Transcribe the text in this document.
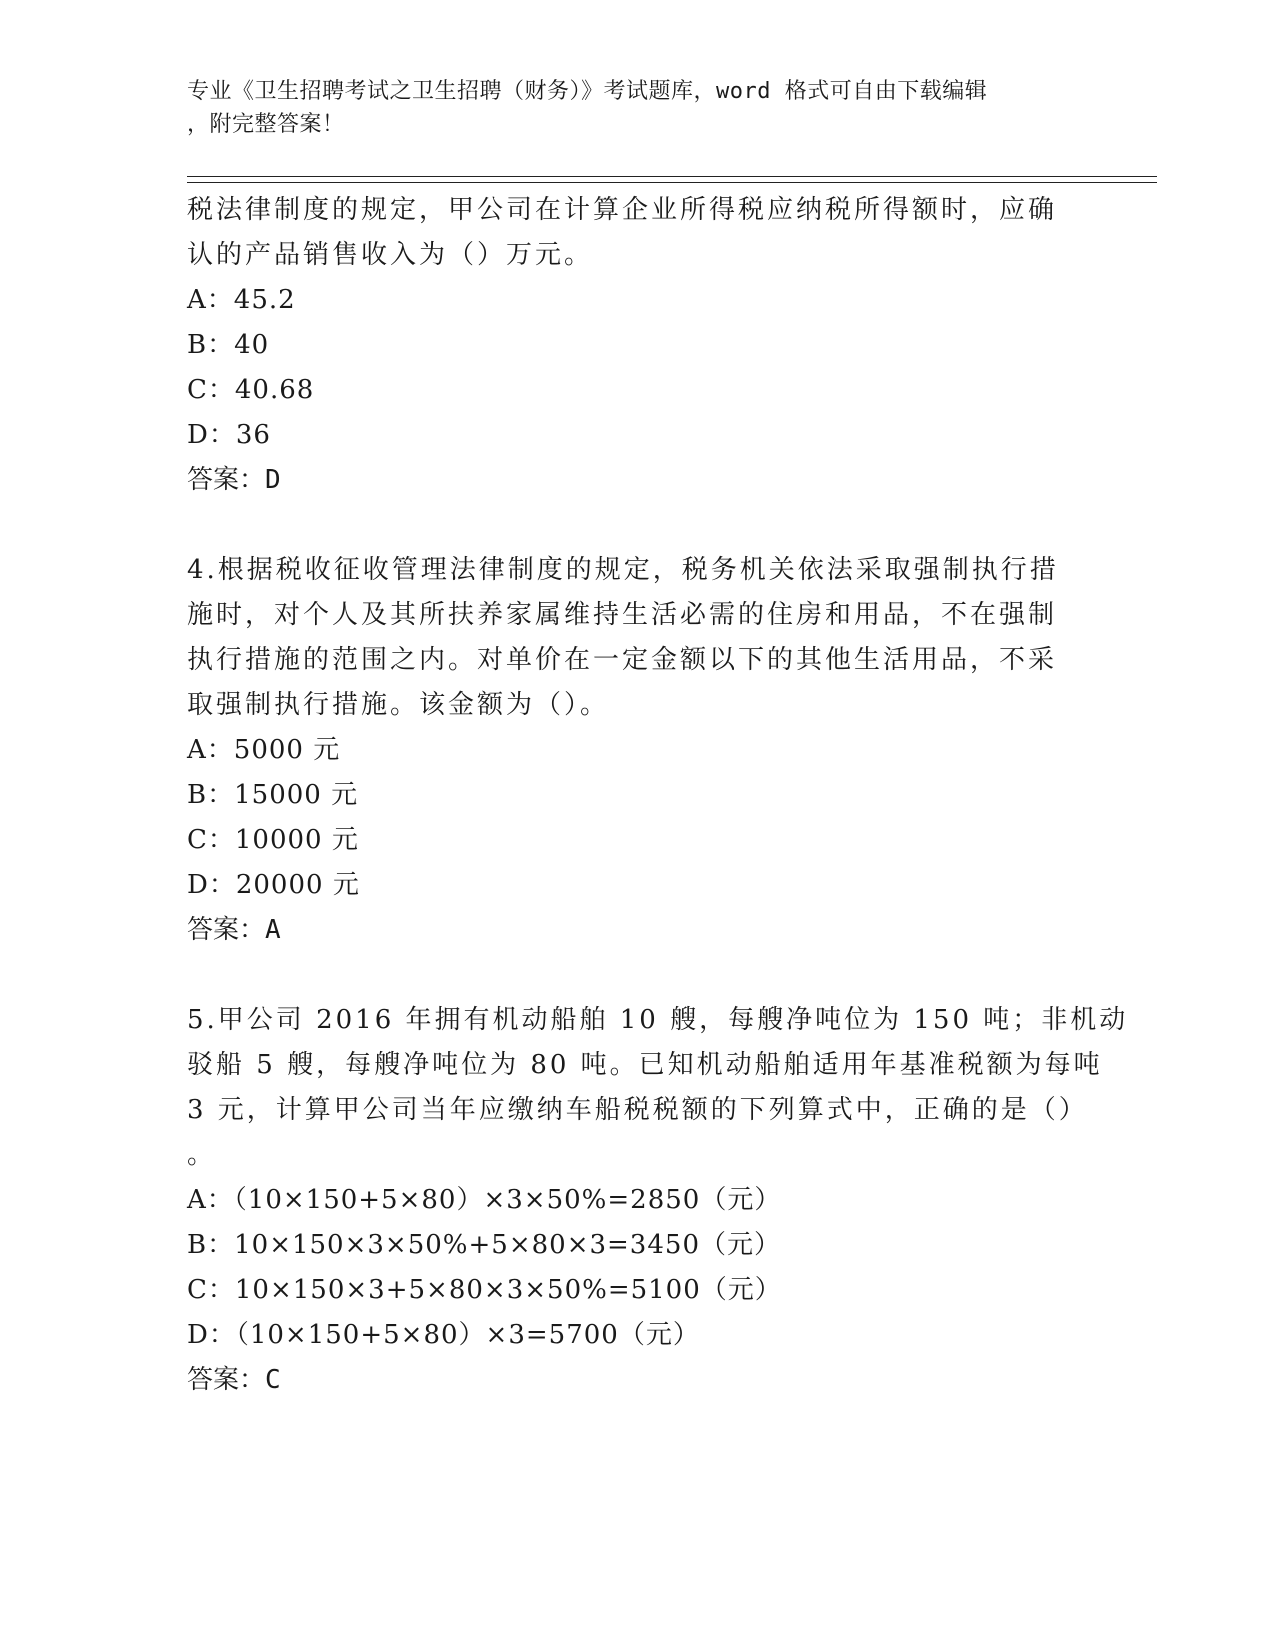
专业《卫生招聘考试之卫生招聘（财务）》考试题库，word 格式可自由下载编辑
，附完整答案！
税法律制度的规定，甲公司在计算企业所得税应纳税所得额时，应确
认的产品销售收入为（）万元。
A：45.2
B：40
C：40.68
D：36
答案：D
4.根据税收征收管理法律制度的规定，税务机关依法采取强制执行措
施时，对个人及其所扶养家属维持生活必需的住房和用品，不在强制
执行措施的范围之内。对单价在一定金额以下的其他生活用品，不采
取强制执行措施。该金额为（）。
A：5000 元
B：15000 元
C：10000 元
D：20000 元
答案：A
5.甲公司 2016 年拥有机动船舶 10 艘，每艘净吨位为 150 吨；非机动
驳船 5 艘，每艘净吨位为 80 吨。已知机动船舶适用年基准税额为每吨
3 元，计算甲公司当年应缴纳车船税税额的下列算式中，正确的是（）
。
A：（10×150+5×80）×3×50%=2850（元）
B：10×150×3×50%+5×80×3=3450（元）
C：10×150×3+5×80×3×50%=5100（元）
D：（10×150+5×80）×3=5700（元）
答案：C
